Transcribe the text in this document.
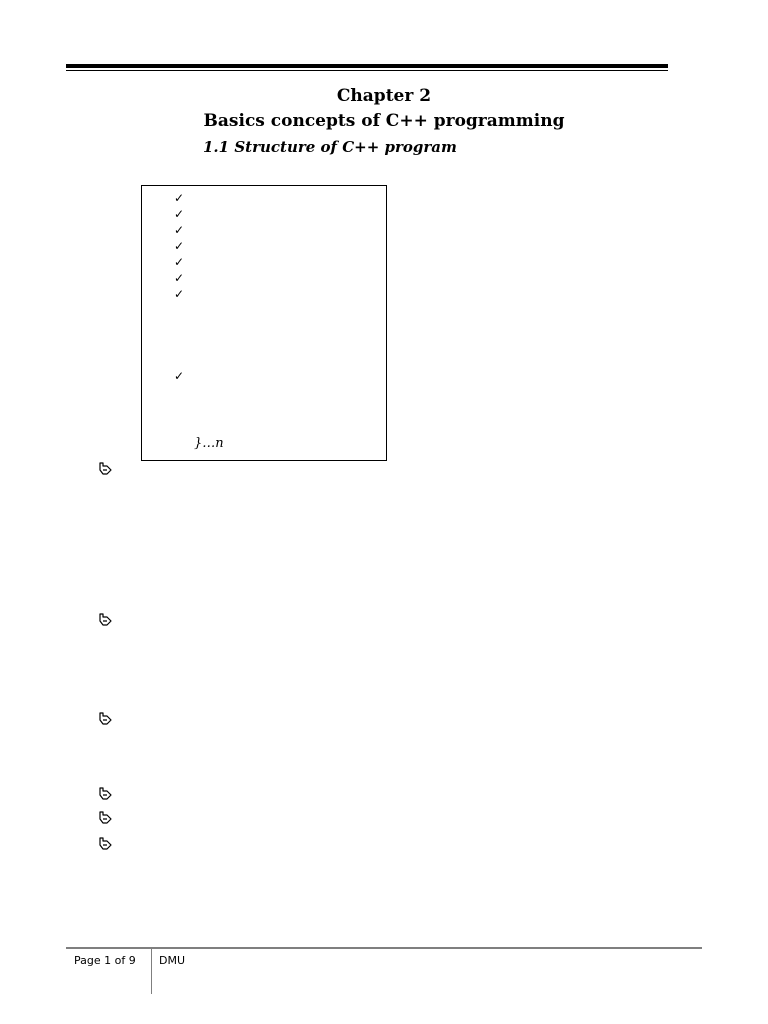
Chapter 2
Basics concepts of C++ programming
1.1 Structure of C++ program
✓
✓
✓
✓
✓
✓
✓
✓
}…n
Page 1 of 9 DMU
